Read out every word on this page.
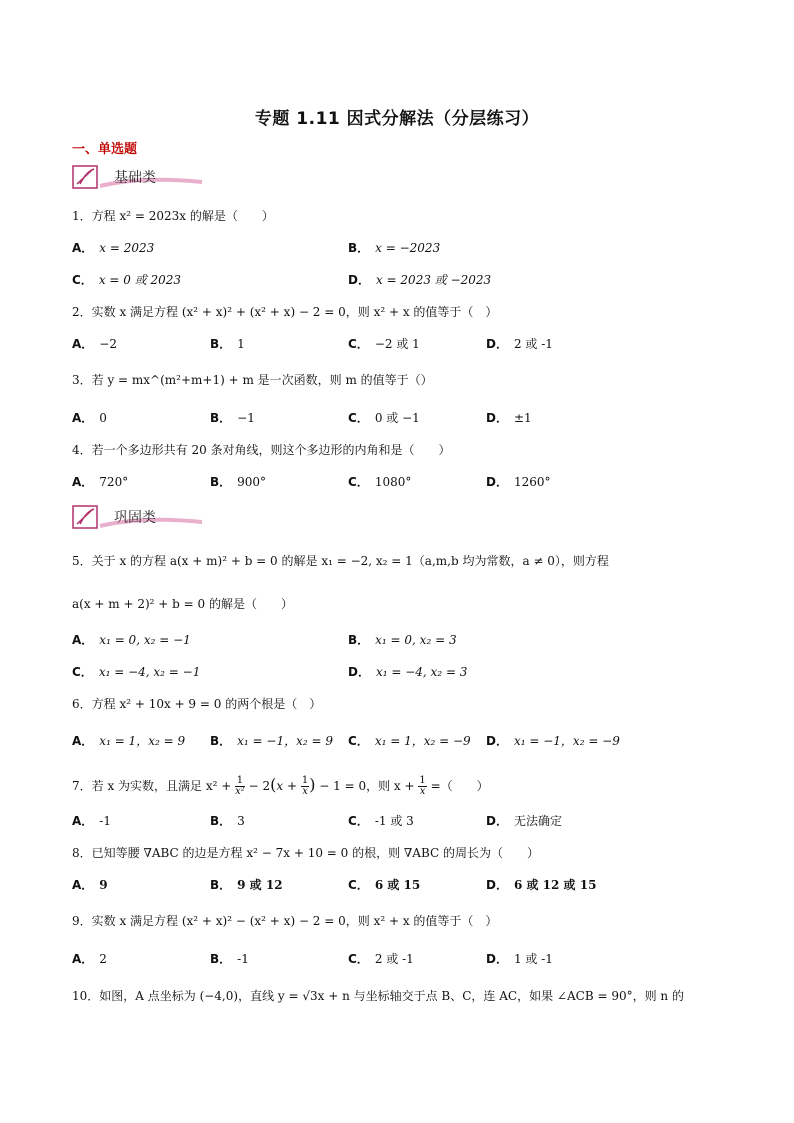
专题 1.11 因式分解法（分层练习）
一、单选题
基础类
1．方程 x² = 2023x 的解是（　　）
A． x = 2023	B． x = −2023
C． x = 0 或 2023	D． x = 2023 或 −2023
2．实数 x 满足方程 (x² + x)² + (x² + x) − 2 = 0，则 x² + x 的值等于（　）
A． −2	B． 1	C． −2 或 1	D． 2 或 -1
3．若 y = mx^(m²+m+1) + m 是一次函数，则 m 的值等于（）
A． 0	B． −1	C． 0 或 −1	D． ±1
4．若一个多边形共有 20 条对角线，则这个多边形的内角和是（　　）
A． 720°	B． 900°	C． 1080°	D． 1260°
巩固类
5．关于 x 的方程 a(x + m)² + b = 0 的解是 x₁ = −2, x₂ = 1（a,m,b 均为常数，a ≠ 0），则方程
a(x + m + 2)² + b = 0 的解是（　　）
A． x₁ = 0, x₂ = −1	B． x₁ = 0, x₂ = 3
C． x₁ = −4, x₂ = −1	D． x₁ = −4, x₂ = 3
6．方程 x² + 10x + 9 = 0 的两个根是（　）
A． x₁ = 1，x₂ = 9 B． x₁ = −1，x₂ = 9 C． x₁ = 1，x₂ = −9 D． x₁ = −1，x₂ = −9
7．若 x 为实数，且满足 $x^2 + \frac{1}{\text{x²}} - 2(x + \frac{1}{x}$ ) − 1 = 0，则 $x + \frac{1}{x}$ =（　　）
A． -1	B． 3	C． -1 或 3	D． 无法确定
8．已知等腰 ∇ABC 的边是方程 x² − 7x + 10 = 0 的根，则 ∇ABC 的周长为（　　）
A． 9	B． 9 或 12	C． 6 或 15	D． 6 或 12 或 15
9．实数 x 满足方程 (x² + x)² − (x² + x) − 2 = 0，则 x² + x 的值等于（　）
A． 2	B． -1	C． 2 或 -1	D． 1 或 -1
10．如图，A 点坐标为 (−4,0)，直线 y = √3x + n 与坐标轴交于点 B、C，连 AC，如果 ∠ACB = 90°，则 n 的
